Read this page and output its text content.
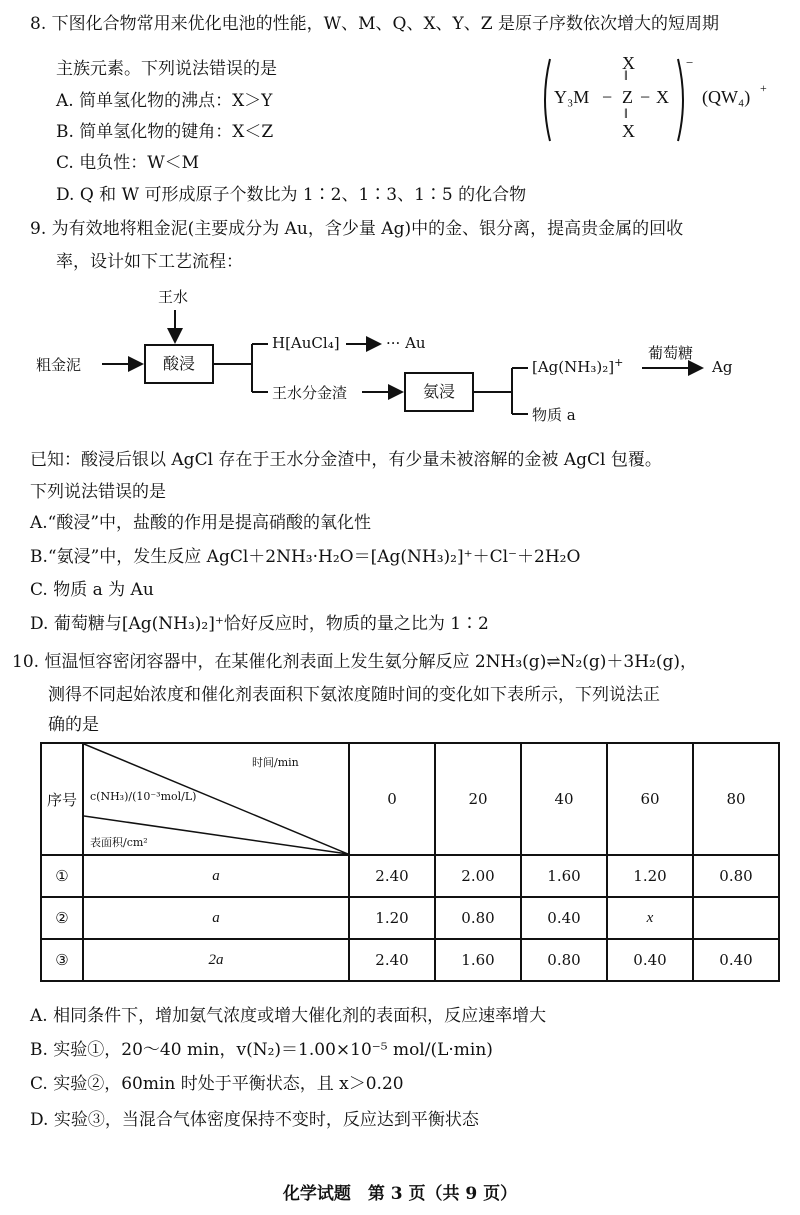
8. 下图化合物常用来优化电池的性能，W、M、Q、X、Y、Z 是原子序数依次增大的短周期
主族元素。下列说法错误的是
A. 简单氢化物的沸点：X＞Y
B. 简单氢化物的键角：X＜Z
C. 电负性：W＜M
D. Q 和 W 可形成原子个数比为 1∶2、1∶3、1∶5 的化合物
X
‖
Y₃M − Z − X
‖
X
−
(QW₄) +
9. 为有效地将粗金泥(主要成分为 Au，含少量 Ag)中的金、银分离，提高贵金属的回收
率，设计如下工艺流程：
王水
粗金泥	酸浸
H[AuCl₄]	··· Au
王水分金渣	氨浸
[Ag(NH₃)₂]+
葡萄糖
Ag
物质 a
已知：酸浸后银以 AgCl 存在于王水分金渣中，有少量未被溶解的金被 AgCl 包覆。
下列说法错误的是
A.“酸浸”中，盐酸的作用是提高硝酸的氧化性
B.“氨浸”中，发生反应 AgCl＋2NH₃·H₂O＝[Ag(NH₃)₂]⁺＋Cl⁻＋2H₂O
C. 物质 a 为 Au
D. 葡萄糖与[Ag(NH₃)₂]⁺恰好反应时，物质的量之比为 1∶2
10. 恒温恒容密闭容器中，在某催化剂表面上发生氨分解反应 2NH₃(g)⇌N₂(g)＋3H₂(g)，
测得不同起始浓度和催化剂表面积下氨浓度随时间的变化如下表所示，下列说法正
确的是
序号	时间/min
c(NH₃)/(10⁻³mol/L)
表面积/cm²	0	20	40	60	80
①	a	2.40	2.00	1.60	1.20	0.80
②	a	1.20	0.80	0.40	x	
③	2a	2.40	1.60	0.80	0.40	0.40
A. 相同条件下，增加氨气浓度或增大催化剂的表面积，反应速率增大
B. 实验①，20～40 min，v(N₂)＝1.00×10⁻⁵ mol/(L·min)
C. 实验②，60min 时处于平衡状态，且 x＞0.20
D. 实验③，当混合气体密度保持不变时，反应达到平衡状态
化学试题　第 3 页（共 9 页）
